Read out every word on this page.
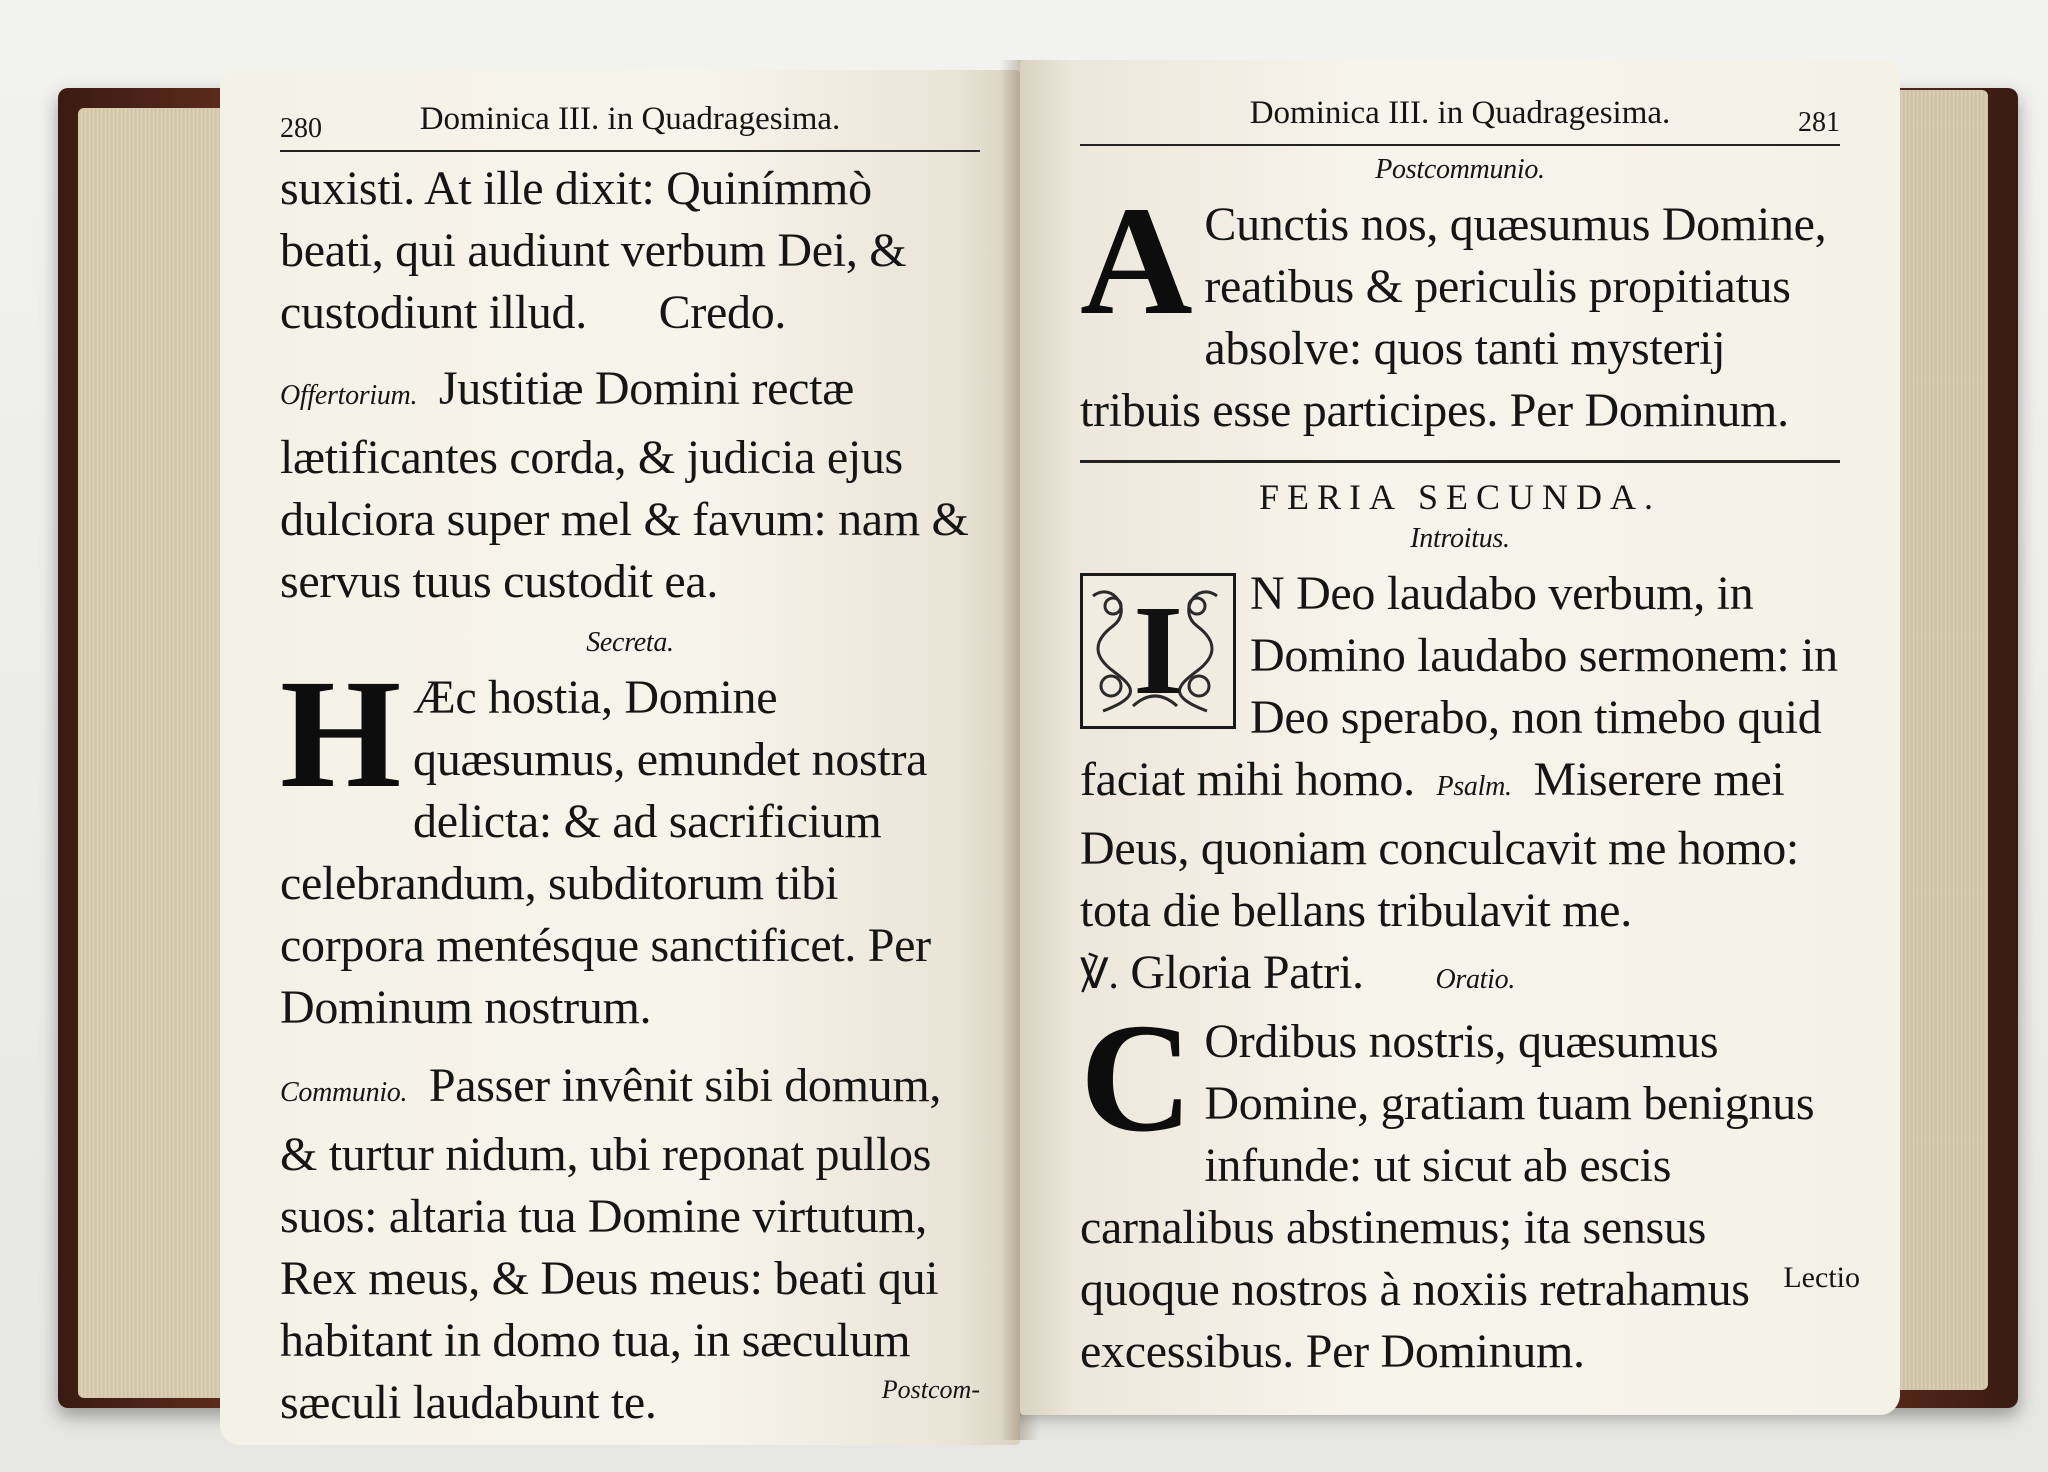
280	Dominica III. in Quadragesima.

suxisti. At ille dixit: Quinímmò beati, qui audiunt verbum Dei, & custodiunt illud. Credo.

Offertorium. Justitiæ Domini rectæ lætificantes corda, & judicia ejus dulciora super mel & favum: nam & servus tuus custodit ea.

Secreta.

H Æc hostia, Domine quæsumus, emundet nostra delicta: & ad sacrificium celebrandum, subditorum tibi corpora mentésque sanctificet. Per Dominum nostrum.

Communio. Passer invênit sibi domum, & turtur nidum, ubi reponat pullos suos: altaria tua Domine virtutum, Rex meus, & Deus meus: beati qui habitant in domo tua, in sæculum sæculi laudabunt te.	Postcom-
Dominica III. in Quadragesima.	281
Postcommunio.

A Cunctis nos, quæsumus Domine, reatibus & periculis propitiatus absolve: quos tanti mysterij tribuis esse participes. Per Dominum.

FERIA SECUNDA.
Introitus.

I	N Deo laudabo verbum, in Domino laudabo sermonem: in Deo sperabo, non timebo quid faciat mihi homo. Psalm. Miserere mei Deus, quoniam conculcavit me homo: tota die bellans tribulavit me.

℣. Gloria Patri.	Oratio.

C Ordibus nostris, quæsumus Domine, gratiam tuam benignus infunde: ut sicut ab escis carnalibus abstinemus; ita sensus quoque nostros à noxiis retrahamus excessibus. Per Dominum.

Lectio
